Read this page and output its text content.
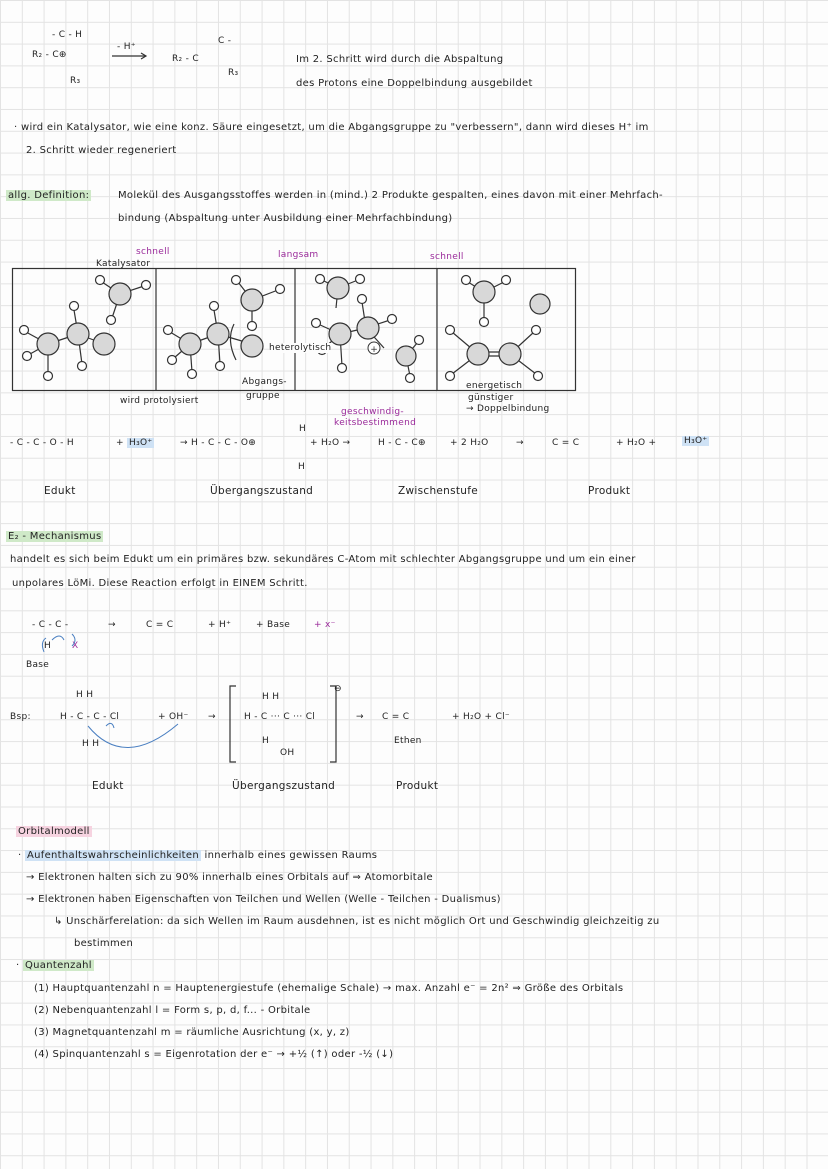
- C - H
R₂ - C⊕
R₃
- H⁺
C -
R₂ - C
R₃
Im 2. Schritt wird durch die Abspaltung
des Protons eine Doppelbindung ausgebildet
· wird ein Katalysator, wie eine konz. Säure eingesetzt, um die Abgangsgruppe zu "verbessern", dann wird dieses H⁺ im
2. Schritt wieder regeneriert
allg. Definition:	Molekül des Ausgangsstoffes werden in (mind.) 2 Produkte gespalten, eines davon mit einer Mehrfach-
bindung (Abspaltung unter Ausbildung einer Mehrfachbindung)
schnell	langsam	schnell
Katalysator
+
heterolytisch
Abgangs-
gruppe
wird protolysiert
energetisch
günstiger
→ Doppelbindung
geschwindig-
keitsbestimmend
- C - C - O - H	+ H₃O⁺	→ H - C - C - O⊕
H
H
+ H₂O →	H - C - C⊕	+ 2 H₂O	→	C = C	+ H₂O +	H₃O⁺
Edukt	Übergangszustand	Zwischenstufe	Produkt
E₂ - Mechanismus
handelt es sich beim Edukt um ein primäres bzw. sekundäres C-Atom mit schlechter Abgangsgruppe und um ein einer
unpolares LöMi. Diese Reaction erfolgt in EINEM Schritt.
- C - C -
H X
Base
→	C = C	+ H⁺	+ Base	+ x⁻
Bsp:
H H
H - C - C - Cl
H H
+ OH⁻ →
H H
H - C ··· C ··· Cl
H
OH
⊖
→ C = C	+ H₂O + Cl⁻
Ethen
Edukt	Übergangszustand	Produkt
Orbitalmodell
· Aufenthaltswahrscheinlichkeiten innerhalb eines gewissen Raums
→ Elektronen halten sich zu 90% innerhalb eines Orbitals auf ⇒ Atomorbitale
→ Elektronen haben Eigenschaften von Teilchen und Wellen (Welle - Teilchen - Dualismus)
↳ Unschärferelation: da sich Wellen im Raum ausdehnen, ist es nicht möglich Ort und Geschwindig gleichzeitig zu
bestimmen
· Quantenzahl
(1) Hauptquantenzahl n = Hauptenergiestufe (ehemalige Schale) → max. Anzahl e⁻ = 2n² ⇒ Größe des Orbitals
(2) Nebenquantenzahl l = Form s, p, d, f... - Orbitale
(3) Magnetquantenzahl m = räumliche Ausrichtung (x, y, z)
(4) Spinquantenzahl s = Eigenrotation der e⁻ → +½ (↑) oder -½ (↓)
